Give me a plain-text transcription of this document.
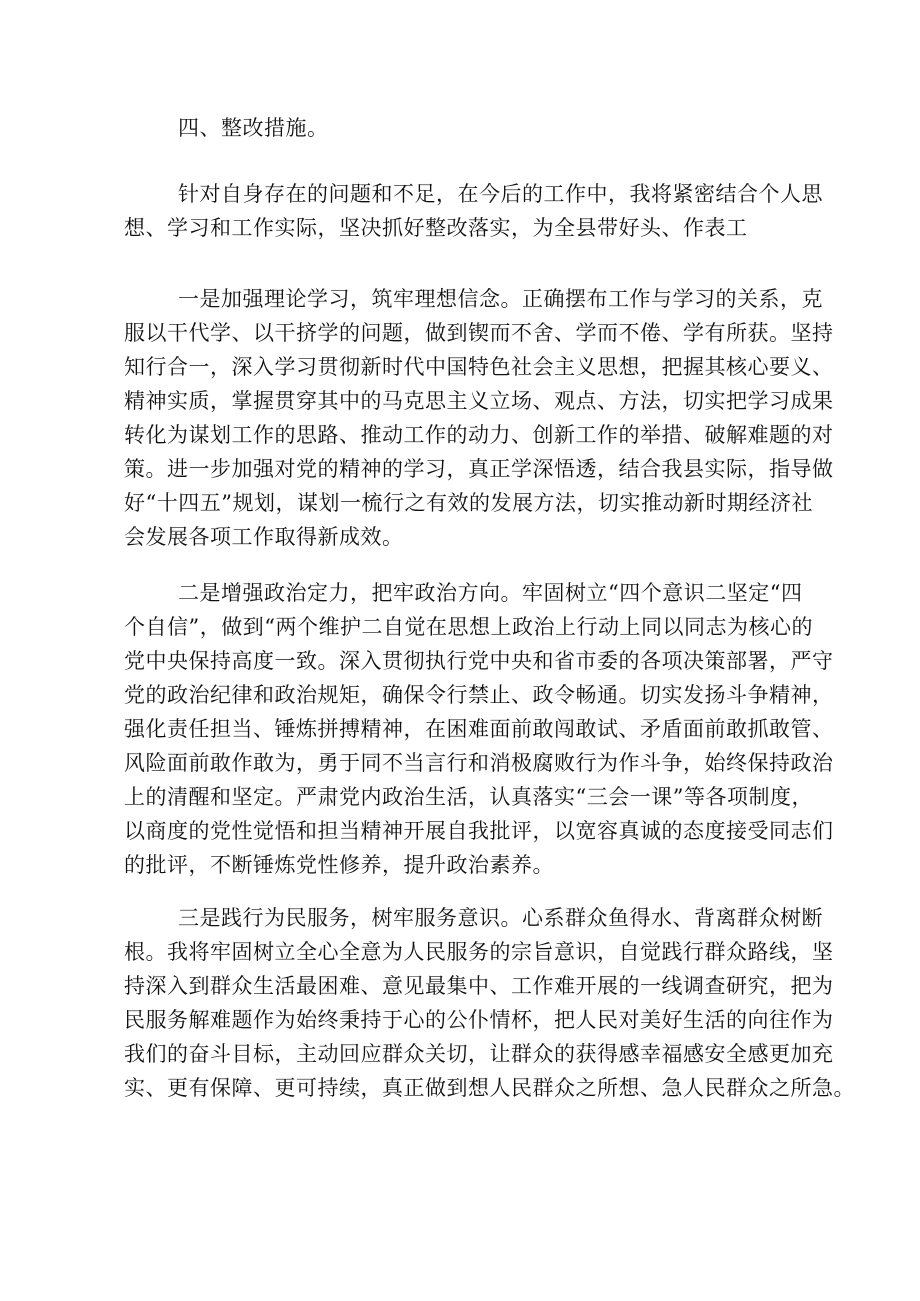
四、整改措施。
针对自身存在的问题和不足，在今后的工作中，我将紧密结合个人思
想、学习和工作实际，坚决抓好整改落实，为全县带好头、作表工
一是加强理论学习，筑牢理想信念。正确摆布工作与学习的关系，克
服以干代学、以干挤学的问题，做到锲而不舍、学而不倦、学有所获。坚持
知行合一，深入学习贯彻新时代中国特色社会主义思想，把握其核心要义、
精神实质，掌握贯穿其中的马克思主义立场、观点、方法，切实把学习成果
转化为谋划工作的思路、推动工作的动力、创新工作的举措、破解难题的对
策。进一步加强对党的精神的学习，真正学深悟透，结合我县实际，指导做
好“十四五”规划，谋划一梳行之有效的发展方法，切实推动新时期经济社
会发展各项工作取得新成效。
二是增强政治定力，把牢政治方向。牢固树立“四个意识二坚定“四
个自信”，做到“两个维护二自觉在思想上政治上行动上同以同志为核心的
党中央保持高度一致。深入贯彻执行党中央和省市委的各项决策部署，严守
党的政治纪律和政治规矩，确保令行禁止、政令畅通。切实发扬斗争精神，
强化责任担当、锤炼拼搏精神，在困难面前敢闯敢试、矛盾面前敢抓敢管、
风险面前敢作敢为，勇于同不当言行和消极腐败行为作斗争，始终保持政治
上的清醒和坚定。严肃党内政治生活，认真落实“三会一课”等各项制度，
以商度的党性觉悟和担当精神开展自我批评，以宽容真诚的态度接受同志们
的批评，不断锤炼党性修养，提升政治素养。
三是践行为民服务，树牢服务意识。心系群众鱼得水、背离群众树断
根。我将牢固树立全心全意为人民服务的宗旨意识，自觉践行群众路线，坚
持深入到群众生活最困难、意见最集中、工作难开展的一线调查研究，把为
民服务解难题作为始终秉持于心的公仆情杯，把人民对美好生活的向往作为
我们的奋斗目标，主动回应群众关切，让群众的获得感幸福感安全感更加充
实、更有保障、更可持续，真正做到想人民群众之所想、急人民群众之所急。
